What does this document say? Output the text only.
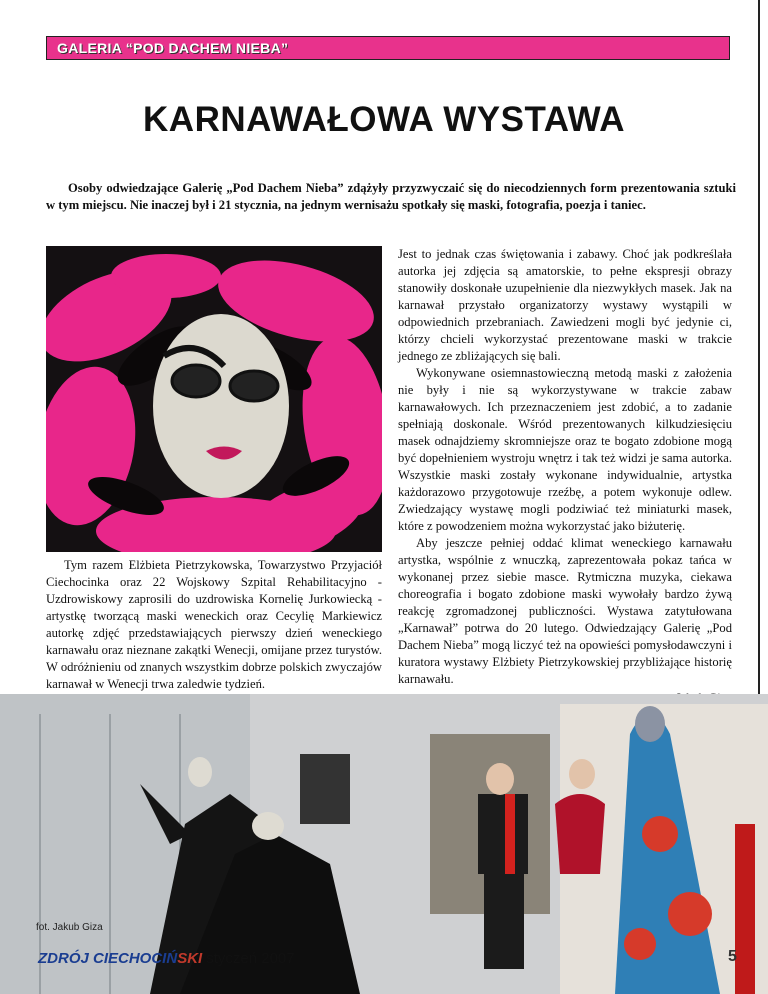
GALERIA “POD DACHEM NIEBA”
KARNAWAŁOWA WYSTAWA
Osoby odwiedzające Galerię „Pod Dachem Nieba” zdążyły przyzwyczaić się do niecodziennych form prezentowania sztuki w tym miejscu. Nie inaczej był i 21 stycznia, na jednym wernisażu spotkały się maski, fotografia, poezja i taniec.
Tym razem Elżbieta Pietrzykowska, Towarzystwo Przyjaciół Ciechocinka oraz 22 Wojskowy Szpital Rehabilitacyjno - Uzdrowiskowy zaprosili do uzdrowiska Kornelię Jurkowiecką - artystkę tworzącą maski weneckich oraz Cecylię Markiewicz autorkę zdjęć przedstawiających pierwszy dzień weneckiego karnawału oraz nieznane zakątki Wenecji, omijane przez turystów. W odróżnieniu od znanych wszystkim dobrze polskich zwyczajów karnawał w Wenecji trwa zaledwie tydzień.

Jest to jednak czas świętowania i zabawy. Choć jak podkreślała autorka jej zdjęcia są amatorskie, to pełne ekspresji obrazy stanowiły doskonałe uzupełnienie dla niezwykłych masek. Jak na karnawał przystało organizatorzy wystawy wystąpili w odpowiednich przebraniach. Zawiedzeni mogli być jedynie ci, którzy chcieli wykorzystać prezentowane maski w trakcie jednego ze zbliżających się bali.

Wykonywane osiemnastowieczną metodą maski z założenia nie były i nie są wykorzystywane w trakcie zabaw karnawałowych. Ich przeznaczeniem jest zdobić, a to zadanie spełniają doskonale. Wśród prezentowanych kilkudziesięciu masek odnajdziemy skromniejsze oraz te bogato zdobione mogą być dopełnieniem wystroju wnętrz i tak też widzi je sama autorka. Wszystkie maski zostały wykonane indywidualnie, artystka każdorazowo przygotowuje rzeźbę, a potem wykonuje odlew. Zwiedzający wystawę mogli podziwiać też miniaturki masek, które z powodzeniem można wykorzystać jako biżuterię.

Aby jeszcze pełniej oddać klimat weneckiego karnawału artystka, wspólnie z wnuczką, zaprezentowała pokaz tańca w wykonanej przez siebie masce. Rytmiczna muzyka, ciekawa choreografia i bogato zdobione maski wywołały bardzo żywą reakcję zgromadzonej publiczności. Wystawa zatytułowana „Karnawał” potrwa do 20 lutego. Odwiedzający Galerię „Pod Dachem Nieba” mogą liczyć też na opowieści pomysłodawczyni i kuratora wystawy Elżbiety Pietrzykowskiej przybliżające historię karnawału.

fot. Jakub Giza
ZDRÓJ CIECHOCIŃSKI styczeń 2007	5
